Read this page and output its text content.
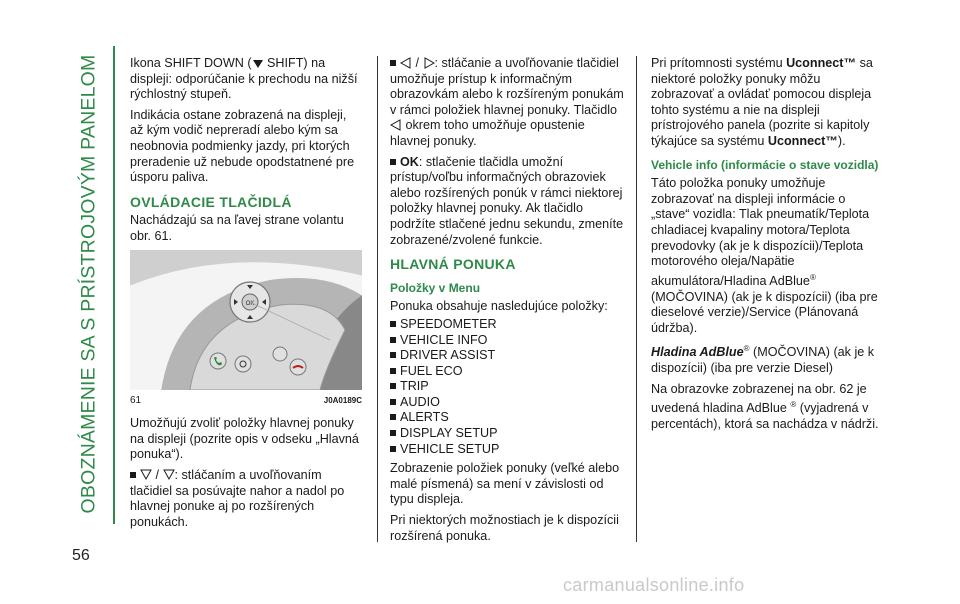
OBOZNÁMENIE SA S PRÍSTROJOVÝM PANELOM
56

Ikona SHIFT DOWN ( SHIFT) na displeji: odporúčanie k prechodu na nižší rýchlostný stupeň.

Indikácia ostane zobrazená na displeji, až kým vodič nepreradí alebo kým sa neobnovia podmienky jazdy, pri ktorých preradenie už nebude opodstatnené pre úsporu paliva.

OVLÁDACIE TLAČIDLÁ

Nachádzajú sa na ľavej strane volantu obr. 61.

OK
61	J0A0189C

Umožňujú zvoliť položky hlavnej ponuky na displeji (pozrite opis v odseku „Hlavná ponuka“).

/ : stláčaním a uvoľňovaním tlačidiel sa posúvajte nahor a nadol po hlavnej ponuke aj po rozšírených ponukách.

/ : stláčanie a uvoľňovanie tlačidiel umožňuje prístup k informačným obrazovkám alebo k rozšíreným ponukám v rámci položiek hlavnej ponuky. Tlačidlo  okrem toho umožňuje opustenie hlavnej ponuky.

OK: stlačenie tlačidla umožní prístup/voľbu informačných obrazoviek alebo rozšírených ponúk v rámci niektorej položky hlavnej ponuky. Ak tlačidlo podržíte stlačené jednu sekundu, zmeníte zobrazené/zvolené funkcie.

HLAVNÁ PONUKA
Položky v Menu

Ponuka obsahuje nasledujúce položky:

SPEEDOMETER
VEHICLE INFO
DRIVER ASSIST
FUEL ECO
TRIP
AUDIO
ALERTS
DISPLAY SETUP
VEHICLE SETUP

Zobrazenie položiek ponuky (veľké alebo malé písmená) sa mení v závislosti od typu displeja.

Pri niektorých možnostiach je k dispozícii rozšírená ponuka.

Pri prítomnosti systému Uconnect™ sa niektoré položky ponuky môžu zobrazovať a ovládať pomocou displeja tohto systému a nie na displeji prístrojového panela (pozrite si kapitoly týkajúce sa systému Uconnect™).

Vehicle info (informácie o stave vozidla)

Táto položka ponuky umožňuje zobrazovať na displeji informácie o „stave“ vozidla: Tlak pneumatík/Teplota chladiacej kvapaliny motora/Teplota prevodovky (ak je k dispozícii)/Teplota motorového oleja/Napätie akumulátora/Hladina AdBlue® (MOČOVINA) (ak je k dispozícii) (iba pre dieselové verzie)/Service (Plánovaná údržba).

Hladina AdBlue® (MOČOVINA) (ak je k dispozícii) (iba pre verzie Diesel)

Na obrazovke zobrazenej na obr. 62 je uvedená hladina AdBlue ® (vyjadrená v percentách), ktorá sa nachádza v nádrži.

carmanualsonline.info
